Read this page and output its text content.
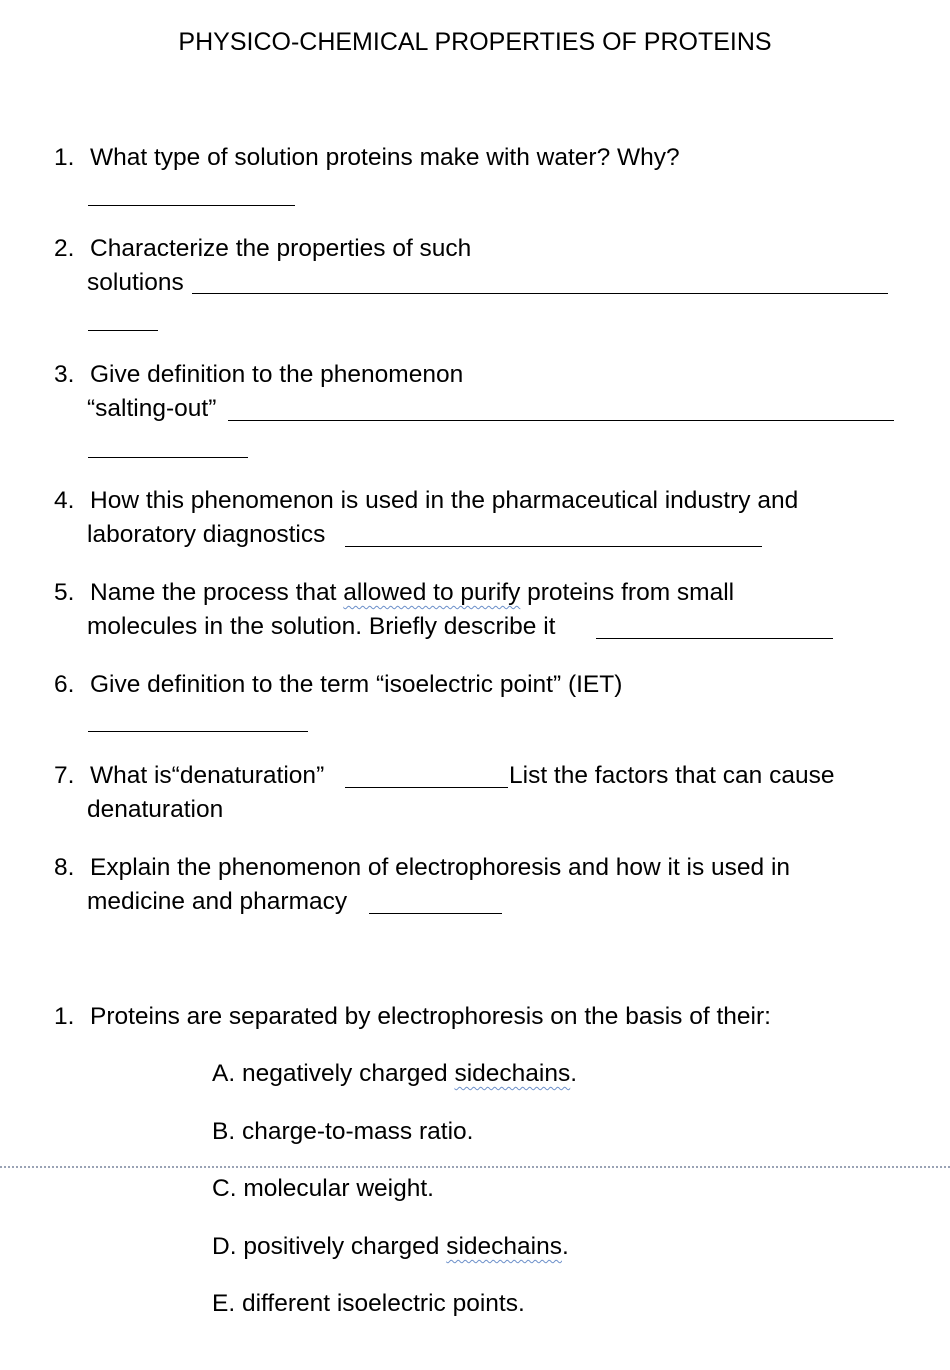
PHYSICO-CHEMICAL PROPERTIES OF PROTEINS
1. What type of solution proteins make with water? Why?
2. Characterize the properties of such
solutions
3. Give definition to the phenomenon
“salting-out”
4. How this phenomenon is used in the pharmaceutical industry and
laboratory diagnostics
5. Name the process that allowed to purify proteins from small
molecules in the solution. Briefly describe it
6. Give definition to the term “isoelectric point” (IET)
7. What is“denaturation”	List the factors that can cause
denaturation
8. Explain the phenomenon of electrophoresis and how it is used in
medicine and pharmacy
1. Proteins are separated by electrophoresis on the basis of their:
A. negatively charged sidechains.
B. charge-to-mass ratio.
C. molecular weight.
D. positively charged sidechains.
E. different isoelectric points.
